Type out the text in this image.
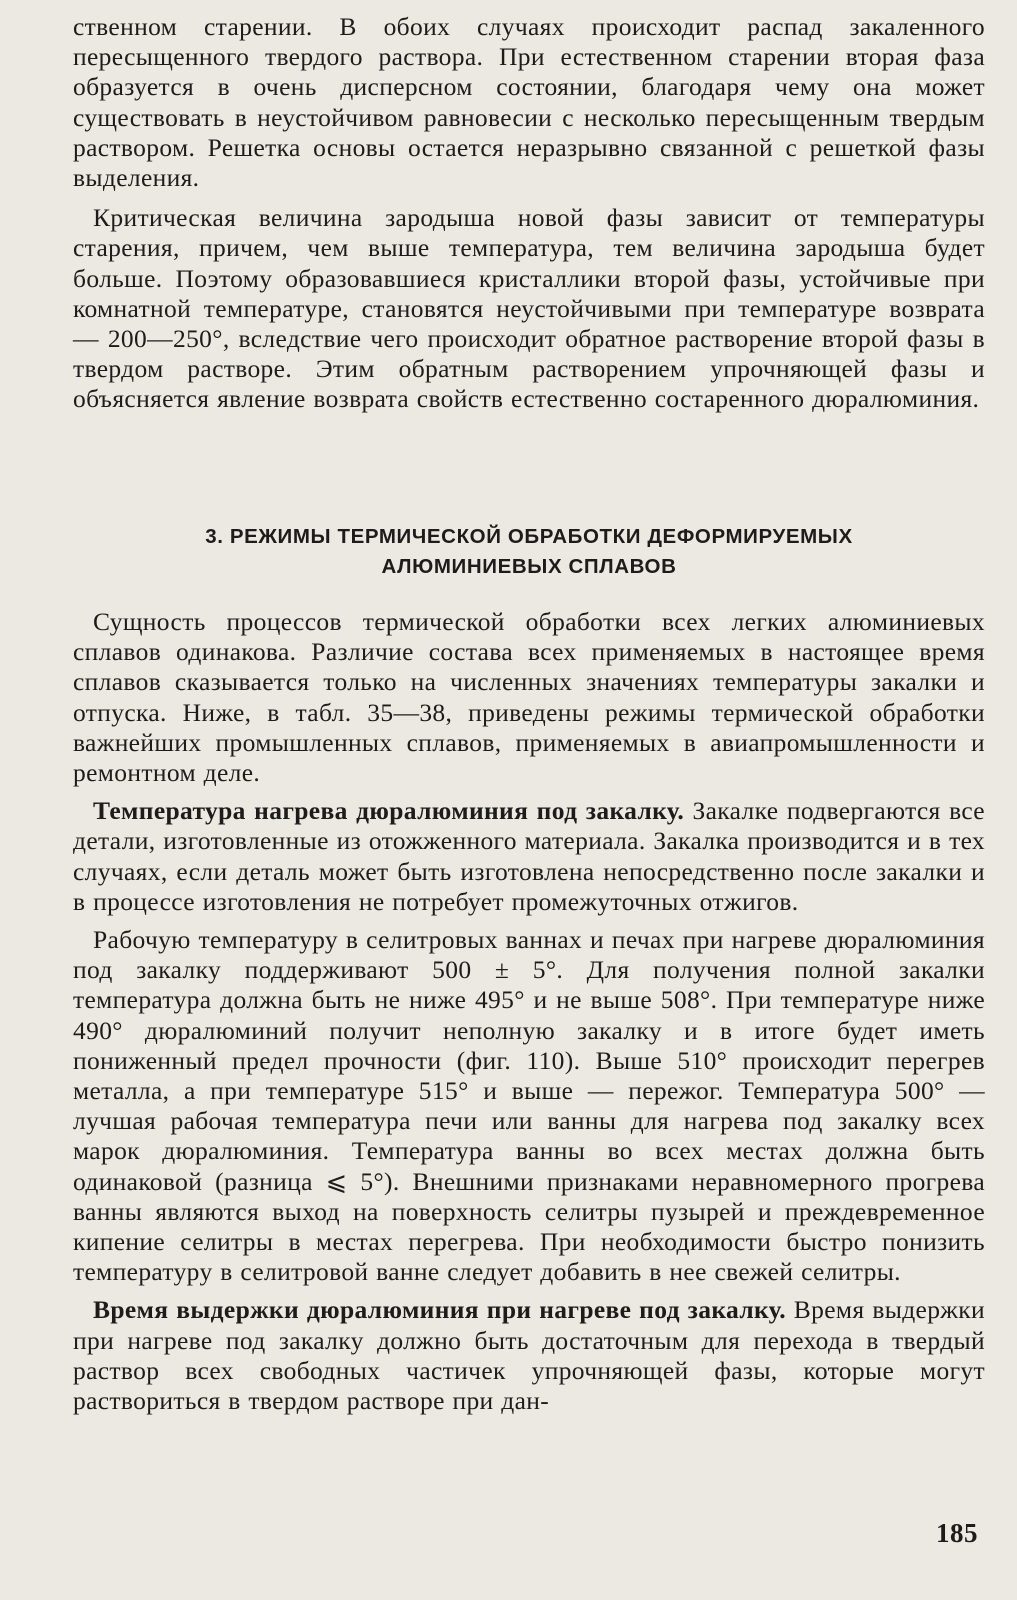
ственном старении. В обоих случаях происходит распад закаленного пересыщенного твердого раствора. При естественном старении вторая фаза образуется в очень дисперсном состоянии, благодаря чему она может существовать в неустойчивом равновесии с несколько пересыщенным твердым раствором. Решетка основы остается неразрывно связанной с решеткой фазы выделения.

Критическая величина зародыша новой фазы зависит от температуры старения, причем, чем выше температура, тем величина зародыша будет больше. Поэтому образовавшиеся кристаллики второй фазы, устойчивые при комнатной температуре, становятся неустойчивыми при температуре возврата — 200—250°, вследствие чего происходит обратное растворение второй фазы в твердом растворе. Этим обратным растворением упрочняющей фазы и объясняется явление возврата свойств естественно состаренного дюралюминия.

3. РЕЖИМЫ ТЕРМИЧЕСКОЙ ОБРАБОТКИ ДЕФОРМИРУЕМЫХ
АЛЮМИНИЕВЫХ СПЛАВОВ

Сущность процессов термической обработки всех легких алюминиевых сплавов одинакова. Различие состава всех применяемых в настоящее время сплавов сказывается только на численных значениях температуры закалки и отпуска. Ниже, в табл. 35—38, приведены режимы термической обработки важнейших промышленных сплавов, применяемых в авиапромышленности и ремонтном деле.

Температура нагрева дюралюминия под закалку. Закалке подвергаются все детали, изготовленные из отожженного материала. Закалка производится и в тех случаях, если деталь может быть изготовлена непосредственно после закалки и в процессе изготовления не потребует промежуточных отжигов.

Рабочую температуру в селитровых ваннах и печах при нагреве дюралюминия под закалку поддерживают 500 ± 5°. Для получения полной закалки температура должна быть не ниже 495° и не выше 508°. При температуре ниже 490° дюралюминий получит неполную закалку и в итоге будет иметь пониженный предел прочности (фиг. 110). Выше 510° происходит перегрев металла, а при температуре 515° и выше — пережог. Температура 500° — лучшая рабочая температура печи или ванны для нагрева под закалку всех марок дюралюминия. Температура ванны во всех местах должна быть одинаковой (разница ⩽ 5°). Внешними признаками неравномерного прогрева ванны являются выход на поверхность селитры пузырей и преждевременное кипение селитры в местах перегрева. При необходимости быстро понизить температуру в селитровой ванне следует добавить в нее свежей селитры.

Время выдержки дюралюминия при нагреве под закалку. Время выдержки при нагреве под закалку должно быть достаточным для перехода в твердый раствор всех свободных частичек упрочняющей фазы, которые могут раствориться в твердом растворе при дан-

185
